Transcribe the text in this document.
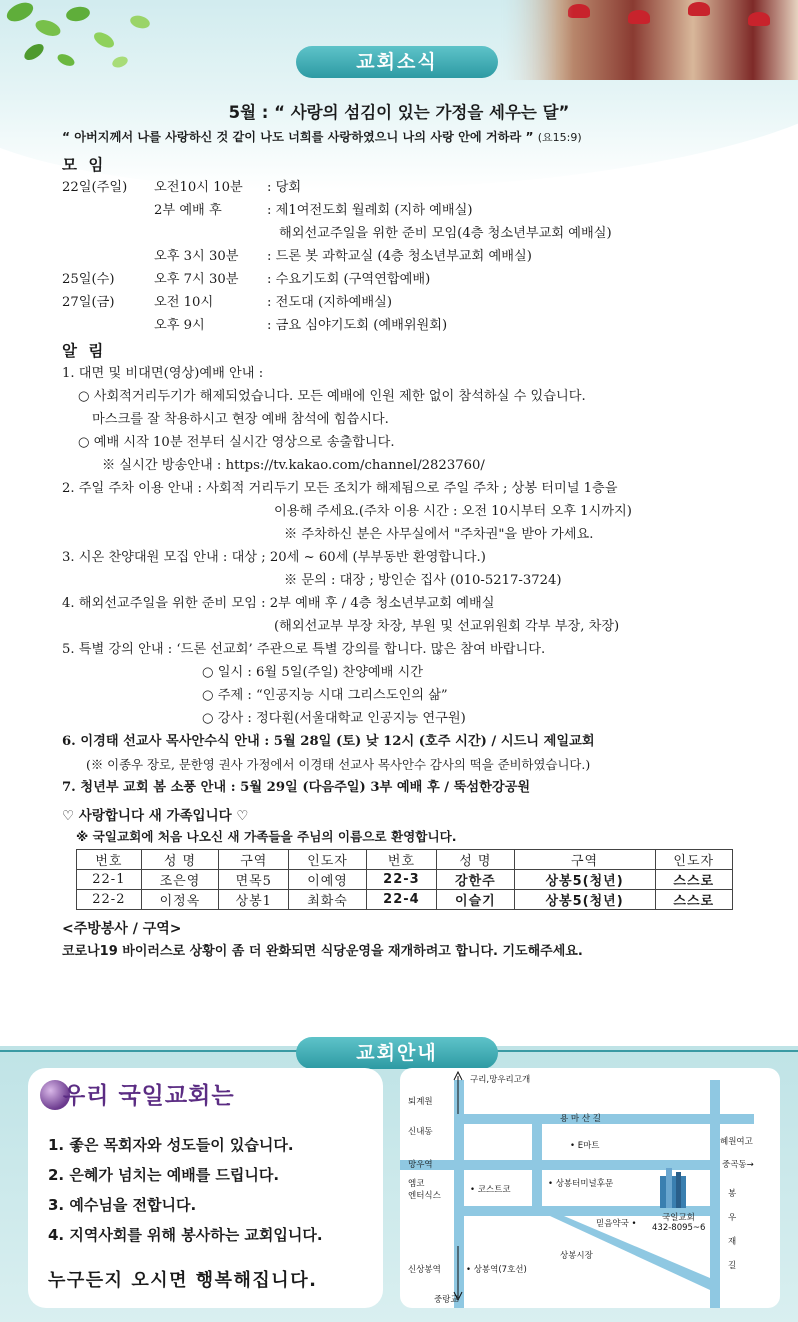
교회소식
5월 : “ 사랑의 섬김이 있는 가정을 세우는 달”
“ 아버지께서 나를 사랑하신 것 같이 나도 너희를 사랑하였으니 나의 사랑 안에 거하라 ” (요15:9)
모 임
22일(주일) 오전10시 10분 : 당회
2부 예배 후	: 제1여전도회 월례회 (지하 예배실)
해외선교주일을 위한 준비 모임(4층 청소년부교회 예배실)
오후 3시 30분 : 드론 봇 과학교실 (4층 청소년부교회 예배실)
25일(수)	오후 7시 30분 : 수요기도회 (구역연합예배)
27일(금)	오전 10시	: 전도대 (지하예배실)
오후 9시	: 금요 심야기도회 (예배위원회)
알 림
1. 대면 및 비대면(영상)예배 안내 :
○ 사회적거리두기가 해제되었습니다. 모든 예배에 인원 제한 없이 참석하실 수 있습니다.
마스크를 잘 착용하시고 현장 예배 참석에 힘씁시다.
○ 예배 시작 10분 전부터 실시간 영상으로 송출합니다.
※ 실시간 방송안내 : https://tv.kakao.com/channel/2823760/
2. 주일 주차 이용 안내 : 사회적 거리두기 모든 조치가 해제됨으로 주일 주차 ; 상봉 터미널 1층을
이용해 주세요.(주차 이용 시간 : 오전 10시부터 오후 1시까지)
※ 주차하신 분은 사무실에서 "주차권"을 받아 가세요.
3. 시온 찬양대원 모집 안내 : 대상 ; 20세 ~ 60세 (부부동반 환영합니다.)
※ 문의 : 대장 ; 방인순 집사 (010-5217-3724)
4. 해외선교주일을 위한 준비 모임 : 2부 예배 후 / 4층 청소년부교회 예배실
(해외선교부 부장 차장, 부원 및 선교위원회 각부 부장, 차장)
5. 특별 강의 안내 : ‘드론 선교회’ 주관으로 특별 강의를 합니다. 많은 참여 바랍니다.
○ 일시 : 6월 5일(주일) 찬양예배 시간
○ 주제 : “인공지능 시대 그리스도인의 삶”
○ 강사 : 정다훤(서울대학교 인공지능 연구원)
6. 이경태 선교사 목사안수식 안내 : 5월 28일 (토) 낮 12시 (호주 시간) / 시드니 제일교회
(※ 이종우 장로, 문한영 권사 가정에서 이경태 선교사 목사안수 감사의 떡을 준비하였습니다.)
7. 청년부 교회 봄 소풍 안내 : 5월 29일 (다음주일) 3부 예배 후 / 뚝섬한강공원
♡ 사랑합니다 새 가족입니다 ♡
※ 국일교회에 처음 나오신 새 가족들을 주님의 이름으로 환영합니다.
번호	성 명	구역	인도자	번호	성 명	구역	인도자
22-1	조은영	면목5	이예영	22-3	강한주	상봉5(청년)	스스로
22-2	이정옥	상봉1	최화숙	22-4	이슬기	상봉5(청년)	스스로
<주방봉사 / 구역>
코로나19 바이러스로 상황이 좀 더 완화되면 식당운영을 재개하려고 합니다. 기도해주세요.
교회안내
우리 국일교회는
1. 좋은 목회자와 성도들이 있습니다.
2. 은혜가 넘치는 예배를 드립니다.
3. 예수님을 전합니다.
4. 지역사회를 위해 봉사하는 교회입니다.
누구든지 오시면 행복해집니다.
구리,망우리고개
퇴계원
용 마 산 길
신내동
• E마트	혜원여고
망우역	중곡동→
엠코
엔터식스
• 코스트코
• 상봉터미널후문
국일교회
432-8095~6
믿음약국 •
봉
우
재
길
상봉시장
신상봉역	• 상봉역(7호선)
중랑교
